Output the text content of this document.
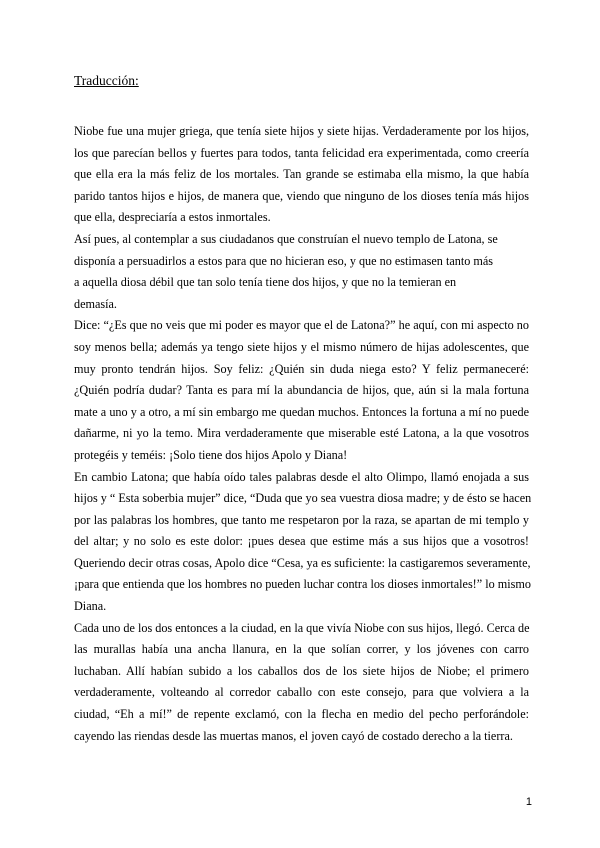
Traducción:

Niobe fue una mujer griega, que tenía siete hijos y siete hijas. Verdaderamente por los hijos,

los que parecían bellos y fuertes para todos, tanta felicidad era experimentada, como creería

que ella era la más feliz de los mortales. Tan grande se estimaba ella mismo, la que había

parido tantos hijos e hijos, de manera que, viendo que ninguno de los dioses tenía más hijos

que ella, despreciaría a estos inmortales.

Así pues, al contemplar a sus ciudadanos que construían el nuevo templo de Latona, se

disponía a persuadirlos a estos para que no hicieran eso, y que no estimasen tanto más

a aquella diosa débil que tan solo tenía tiene dos hijos, y que no la temieran en

demasía.

Dice: “¿Es que no veis que mi poder es mayor que el de Latona?” he aquí, con mi aspecto no

soy menos bella; además ya tengo siete hijos y el mismo número de hijas adolescentes, que

muy pronto tendrán hijos. Soy feliz: ¿Quién sin duda niega esto? Y feliz permaneceré:

¿Quién podría dudar? Tanta es para mí la abundancia de hijos, que, aún si la mala fortuna

mate a uno y a otro, a mí sin embargo me quedan muchos. Entonces la fortuna a mí no puede

dañarme, ni yo la temo. Mira verdaderamente que miserable esté Latona, a la que vosotros

protegéis y teméis: ¡Solo tiene dos hijos Apolo y Diana!

En cambio Latona; que había oído tales palabras desde el alto Olimpo, llamó enojada a sus

hijos y “ Esta soberbia mujer” dice, “Duda que yo sea vuestra diosa madre; y de ésto se hacen

por las palabras los hombres, que tanto me respetaron por la raza, se apartan de mi templo y

del altar; y no solo es este dolor: ¡pues desea que estime más a sus hijos que a vosotros!

Queriendo decir otras cosas, Apolo dice “Cesa, ya es suficiente: la castigaremos severamente,

¡para que entienda que los hombres no pueden luchar contra los dioses inmortales!” lo mismo

Diana.

Cada uno de los dos entonces a la ciudad, en la que vivía Niobe con sus hijos, llegó. Cerca de

las murallas había una ancha llanura, en la que solían correr, y los jóvenes con carro

luchaban. Allí habían subido a los caballos dos de los siete hijos de Niobe; el primero

verdaderamente, volteando al corredor caballo con este consejo, para que volviera a la

ciudad, “Eh a mí!” de repente exclamó, con la flecha en medio del pecho perforándole:

cayendo las riendas desde las muertas manos, el joven cayó de costado derecho a la tierra.

1
